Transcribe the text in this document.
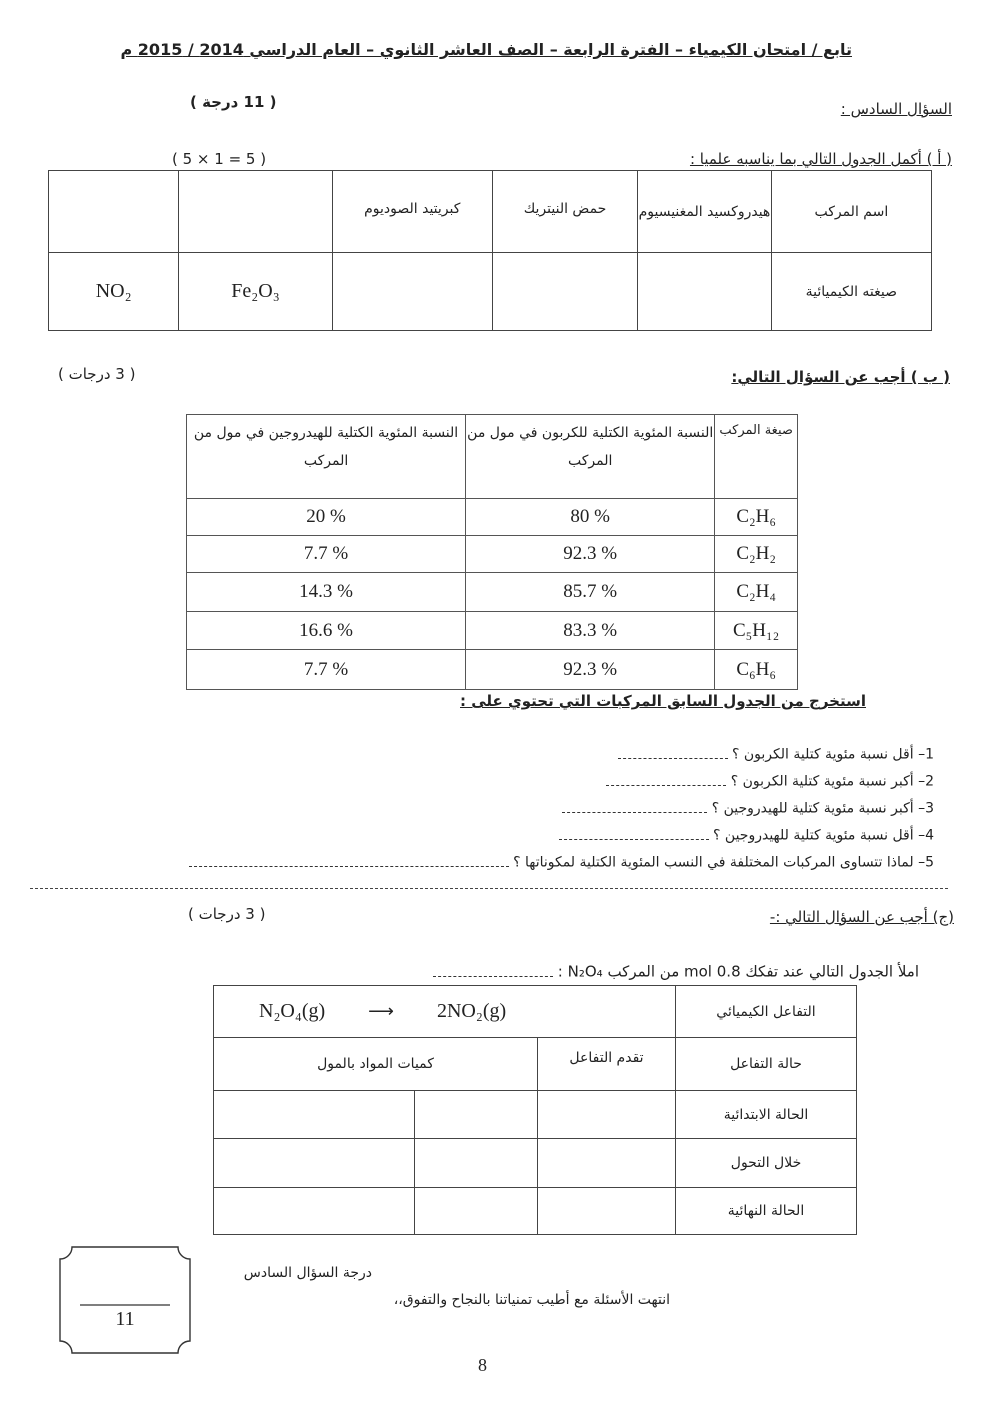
تابع / امتحان الكيمياء – الفترة الرابعة – الصف العاشر الثانوي – العام الدراسي 2014 / 2015 م
( 11 درجة )	السؤال السادس :
( 5 × 1 = 5 )	( أ ) أكمل الجدول التالي بما يناسبه علميا :
		كبريتيد الصوديوم	حمض النيتريك	هيدروكسيد المغنيسيوم	اسم المركب
NO₂	Fe₂O₃				صيغته الكيميائية
( 3 درجات )	( ب ) أجب عن السؤال التالي:
النسبة المئوية الكتلية للهيدروجين في مول من المركب	النسبة المئوية الكتلية للكربون في مول من المركب	صيغة المركب
20 %	80 %	C₂H₆
7.7 %	92.3 %	C₂H₂
14.3 %	85.7 %	C₂H₄
16.6 %	83.3 %	C₅H₁₂
7.7 %	92.3 %	C₆H₆
استخرج من الجدول السابق المركبات التي تحتوي على :
1– أقل نسبة مئوية كتلية الكربون ؟
2– أكبر نسبة مئوية كتلية الكربون ؟
3– أكبر نسبة مئوية كتلية للهيدروجين ؟
4– أقل نسبة مئوية كتلية للهيدروجين ؟
5– لماذا تتساوى المركبات المختلفة في النسب المئوية الكتلية لمكوناتها ؟
( 3 درجات )	(ج) أجب عن السؤال التالي :-
املأ الجدول التالي عند تفكك 0.8 mol من المركب N₂O₄ :
N₂O₄(g) ⟶ 2NO₂(g)		التفاعل الكيميائي
كميات المواد بالمول	تقدم التفاعل	حالة التفاعل

		الحالة الابتدائية

		خلال التحول

		الحالة النهائية
11
درجة السؤال السادس
انتهت الأسئلة مع أطيب تمنياتنا بالنجاح والتفوق،،
8
